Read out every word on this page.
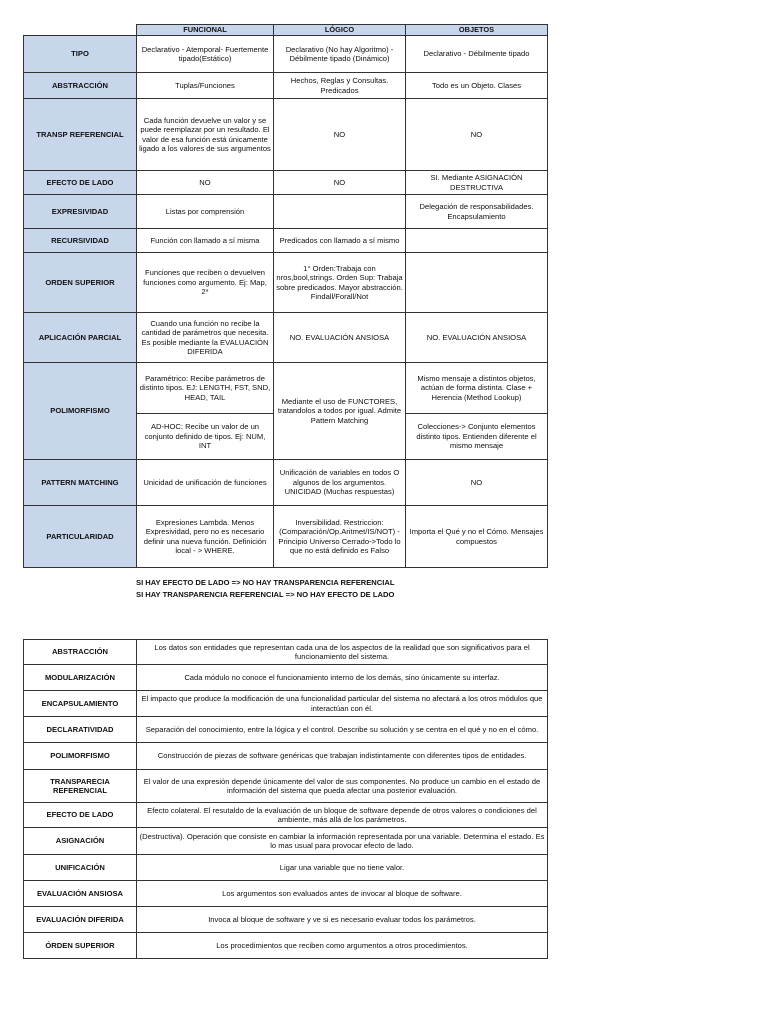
	FUNCIONAL	LÓGICO	OBJETOS
TIPO	Declarativo - Atemporal- Fuertemente tipado(Estático)	Declarativo (No hay Algoritmo) - Débilmente tipado (Dinámico)	Declarativo - Débilmente tipado
ABSTRACCIÓN	Tuplas/Funciones	Hechos, Reglas y Consultas. Predicados	Todo es un Objeto. Clases
TRANSP REFERENCIAL	Cada función devuelve un valor y se puede reemplazar por un resultado. El valor de esa función está únicamente ligado a los valores de sus argumentos	NO	NO
EFECTO DE LADO	NO	NO	SI. Mediante ASIGNACIÓN DESTRUCTIVA
EXPRESIVIDAD	Listas por comprensión		Delegación de responsabilidades. Encapsulamiento
RECURSIVIDAD	Función con llamado a sí misma	Predicados con llamado a sí mismo	
ORDEN SUPERIOR	Funciones que reciben o devuelven funciones como argumento. Ej: Map, 2*	1° Orden:Trabaja con nros,bool,strings. Orden Sup: Trabaja sobre predicados. Mayor abstracción. Findall/Forall/Not	
APLICACIÓN PARCIAL	Cuando una función no recibe la cantidad de parámetros que necesita. Es posible mediante la EVALUACIÓN DIFERIDA	NO. EVALUACIÓN ANSIOSA	NO. EVALUACIÓN ANSIOSA
POLIMORFISMO	Paramétrico: Recibe parámetros de distinto tipos. EJ: LENGTH, FST, SND, HEAD, TAIL	Mediante el uso de FUNCTORES, tratandolos a todos por igual. Admite Pattern Matching	Mismo mensaje a distintos objetos, actúan de forma distinta. Clase + Herencia (Method Lookup)
	AD-HOC: Recibe un valor de un conjunto definido de tipos. Ej: NUM, INT		Colecciones-> Conjunto elementos distinto tipos. Entienden diferente el mismo mensaje
PATTERN MATCHING	Unicidad de unificación de funciones	Unificación de variables en todos O algunos de los argumentos. UNICIDAD (Muchas respuestas)	NO
PARTICULARIDAD	Expresiones Lambda. Menos Expresividad, pero no es necesario definir una nueva función. Definición local - > WHERE.	Inversibilidad. Restriccion: (Comparación/Op.Aritmet/IS/NOT) - Principio Universo Cerrado->Todo lo que no está definido es Falso	Importa el Qué y no el Cómo. Mensajes compuestos
SI HAY EFECTO DE LADO => NO HAY TRANSPARENCIA REFERENCIAL
SI HAY TRANSPARENCIA REFERENCIAL => NO HAY EFECTO DE LADO
ABSTRACCIÓN	Los datos son entidades que representan cada una de los aspectos de la realidad que son significativos para el funcionamiento del sistema.
MODULARIZACIÓN	Cada módulo no conoce el funcionamiento interno de los demás, sino únicamente su interfaz.
ENCAPSULAMIENTO	El impacto que produce la modificación de una funcionalidad particular del sistema no afectará a los otros módulos que interactúan con él.
DECLARATIVIDAD	Separación del conocimiento, entre la lógica y el control. Describe su solución y se centra en el qué y no en el cómo.
POLIMORFISMO	Construcción de piezas de software genéricas que trabajan indistintamente con diferentes tipos de entidades.
TRANSPARECIA REFERENCIAL	El valor de una expresión depende únicamente del valor de sus componentes. No produce un cambio en el estado de información del sistema que pueda afectar una posterior evaluación.
EFECTO DE LADO	Efecto colateral. El resutaldo de la evaluación de un bloque de software depende de otros valores o condiciones del ambiente, más allá de los parámetros.
ASIGNACIÓN	(Destructiva). Operación que consiste en cambiar la información representada por una variable. Determina el estado. Es lo mas usual para provocar efecto de lado.
UNIFICACIÓN	Ligar una variable que no tiene valor.
EVALUACIÓN ANSIOSA	Los argumentos son evaluados antes de invocar al bloque de software.
EVALUACIÓN DIFERIDA	Invoca al bloque de software y ve si es necesario evaluar todos los parámetros.
ÓRDEN SUPERIOR	Los procedimientos que reciben como argumentos a otros procedimientos.
